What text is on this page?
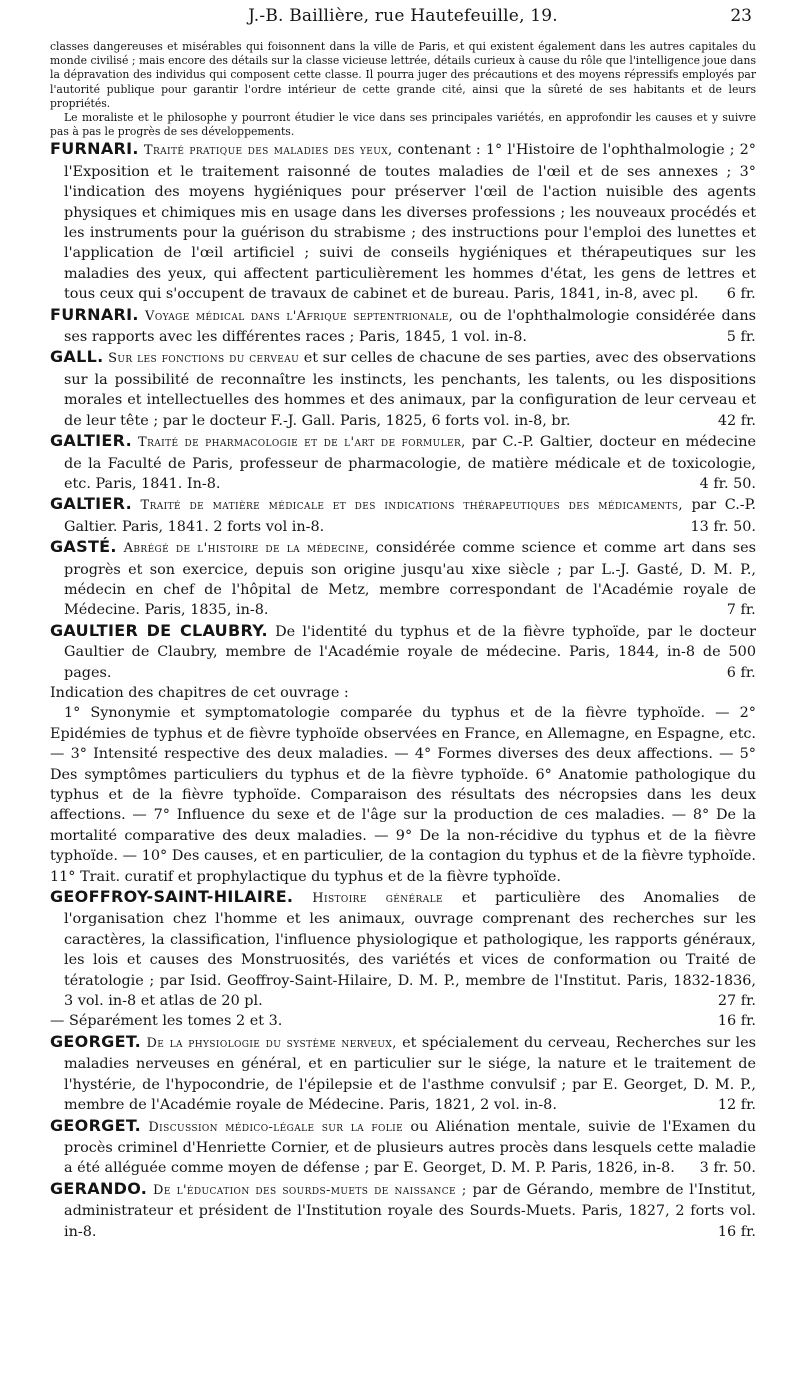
J.-B. Baillière, rue Hautefeuille, 19.	23

classes dangereuses et misérables qui foisonnent dans la ville de Paris, et qui existent également dans les autres capitales du monde civilisé ; mais encore des détails sur la classe vicieuse lettrée, détails curieux à cause du rôle que l'intelligence joue dans la dépravation des individus qui composent cette classe. Il pourra juger des précautions et des moyens répressifs employés par l'autorité publique pour garantir l'ordre intérieur de cette grande cité, ainsi que la sûreté de ses habitants et de leurs propriétés.

Le moraliste et le philosophe y pourront étudier le vice dans ses principales variétés, en approfondir les causes et y suivre pas à pas le progrès de ses développements.

FURNARI. Traité pratique des maladies des yeux, contenant : 1° l'Histoire de l'ophthalmologie ; 2° l'Exposition et le traitement raisonné de toutes maladies de l'œil et de ses annexes ; 3° l'indication des moyens hygiéniques pour préserver l'œil de l'action nuisible des agents physiques et chimiques mis en usage dans les diverses professions ; les nouveaux procédés et les instruments pour la guérison du strabisme ; des instructions pour l'emploi des lunettes et l'application de l'œil artificiel ; suivi de conseils hygiéniques et thérapeutiques sur les maladies des yeux, qui affectent particulièrement les hommes d'état, les gens de lettres et tous ceux qui s'occupent de travaux de cabinet et de bureau. Paris, 1841, in-8, avec pl. 6 fr.

FURNARI. Voyage médical dans l'Afrique septentrionale, ou de l'ophthalmologie considérée dans ses rapports avec les différentes races ; Paris, 1845, 1 vol. in-8.	5 fr.

GALL. Sur les fonctions du cerveau et sur celles de chacune de ses parties, avec des observations sur la possibilité de reconnaître les instincts, les penchants, les talents, ou les dispositions morales et intellectuelles des hommes et des animaux, par la configuration de leur cerveau et de leur tête ; par le docteur F.-J. Gall. Paris, 1825, 6 forts vol. in-8, br.	42 fr.

GALTIER. Traité de pharmacologie et de l'art de formuler, par C.-P. Galtier, docteur en médecine de la Faculté de Paris, professeur de pharmacologie, de matière médicale et de toxicologie, etc. Paris, 1841. In-8.	4 fr. 50.

GALTIER. Traité de matière médicale et des indications thérapeutiques des médicaments, par C.-P. Galtier. Paris, 1841. 2 forts vol in-8.	13 fr. 50.

GASTÉ. Abrégé de l'histoire de la médecine, considérée comme science et comme art dans ses progrès et son exercice, depuis son origine jusqu'au xixe siècle ; par L.-J. Gasté, D. M. P., médecin en chef de l'hôpital de Metz, membre correspondant de l'Académie royale de Médecine. Paris, 1835, in-8.	7 fr.

GAULTIER DE CLAUBRY. De l'identité du typhus et de la fièvre typhoïde, par le docteur Gaultier de Claubry, membre de l'Académie royale de médecine. Paris, 1844, in-8 de 500 pages.	6 fr.

Indication des chapitres de cet ouvrage :

1° Synonymie et symptomatologie comparée du typhus et de la fièvre typhoïde. — 2° Epidémies de typhus et de fièvre typhoïde observées en France, en Allemagne, en Espagne, etc. — 3° Intensité respective des deux maladies. — 4° Formes diverses des deux affections. — 5° Des symptômes particuliers du typhus et de la fièvre typhoïde. 6° Anatomie pathologique du typhus et de la fièvre typhoïde. Comparaison des résultats des nécropsies dans les deux affections. — 7° Influence du sexe et de l'âge sur la production de ces maladies. — 8° De la mortalité comparative des deux maladies. — 9° De la non-récidive du typhus et de la fièvre typhoïde. — 10° Des causes, et en particulier, de la contagion du typhus et de la fièvre typhoïde. 11° Trait. curatif et prophylactique du typhus et de la fièvre typhoïde.

GEOFFROY-SAINT-HILAIRE. Histoire générale et particulière des Anomalies de l'organisation chez l'homme et les animaux, ouvrage comprenant des recherches sur les caractères, la classification, l'influence physiologique et pathologique, les rapports généraux, les lois et causes des Monstruosités, des variétés et vices de conformation ou Traité de tératologie ; par Isid. Geoffroy-Saint-Hilaire, D. M. P., membre de l'Institut. Paris, 1832-1836, 3 vol. in-8 et atlas de 20 pl.	27 fr.

— Séparément les tomes 2 et 3.	16 fr.

GEORGET. De la physiologie du système nerveux, et spécialement du cerveau, Recherches sur les maladies nerveuses en général, et en particulier sur le siége, la nature et le traitement de l'hystérie, de l'hypocondrie, de l'épilepsie et de l'asthme convulsif ; par E. Georget, D. M. P., membre de l'Académie royale de Médecine. Paris, 1821, 2 vol. in-8.	12 fr.

GEORGET. Discussion médico-légale sur la folie ou Aliénation mentale, suivie de l'Examen du procès criminel d'Henriette Cornier, et de plusieurs autres procès dans lesquels cette maladie a été alléguée comme moyen de défense ; par E. Georget, D. M. P. Paris, 1826, in-8. 3 fr. 50.

GERANDO. De l'éducation des sourds-muets de naissance ; par de Gérando, membre de l'Institut, administrateur et président de l'Institution royale des Sourds-Muets. Paris, 1827, 2 forts vol. in-8.	16 fr.
